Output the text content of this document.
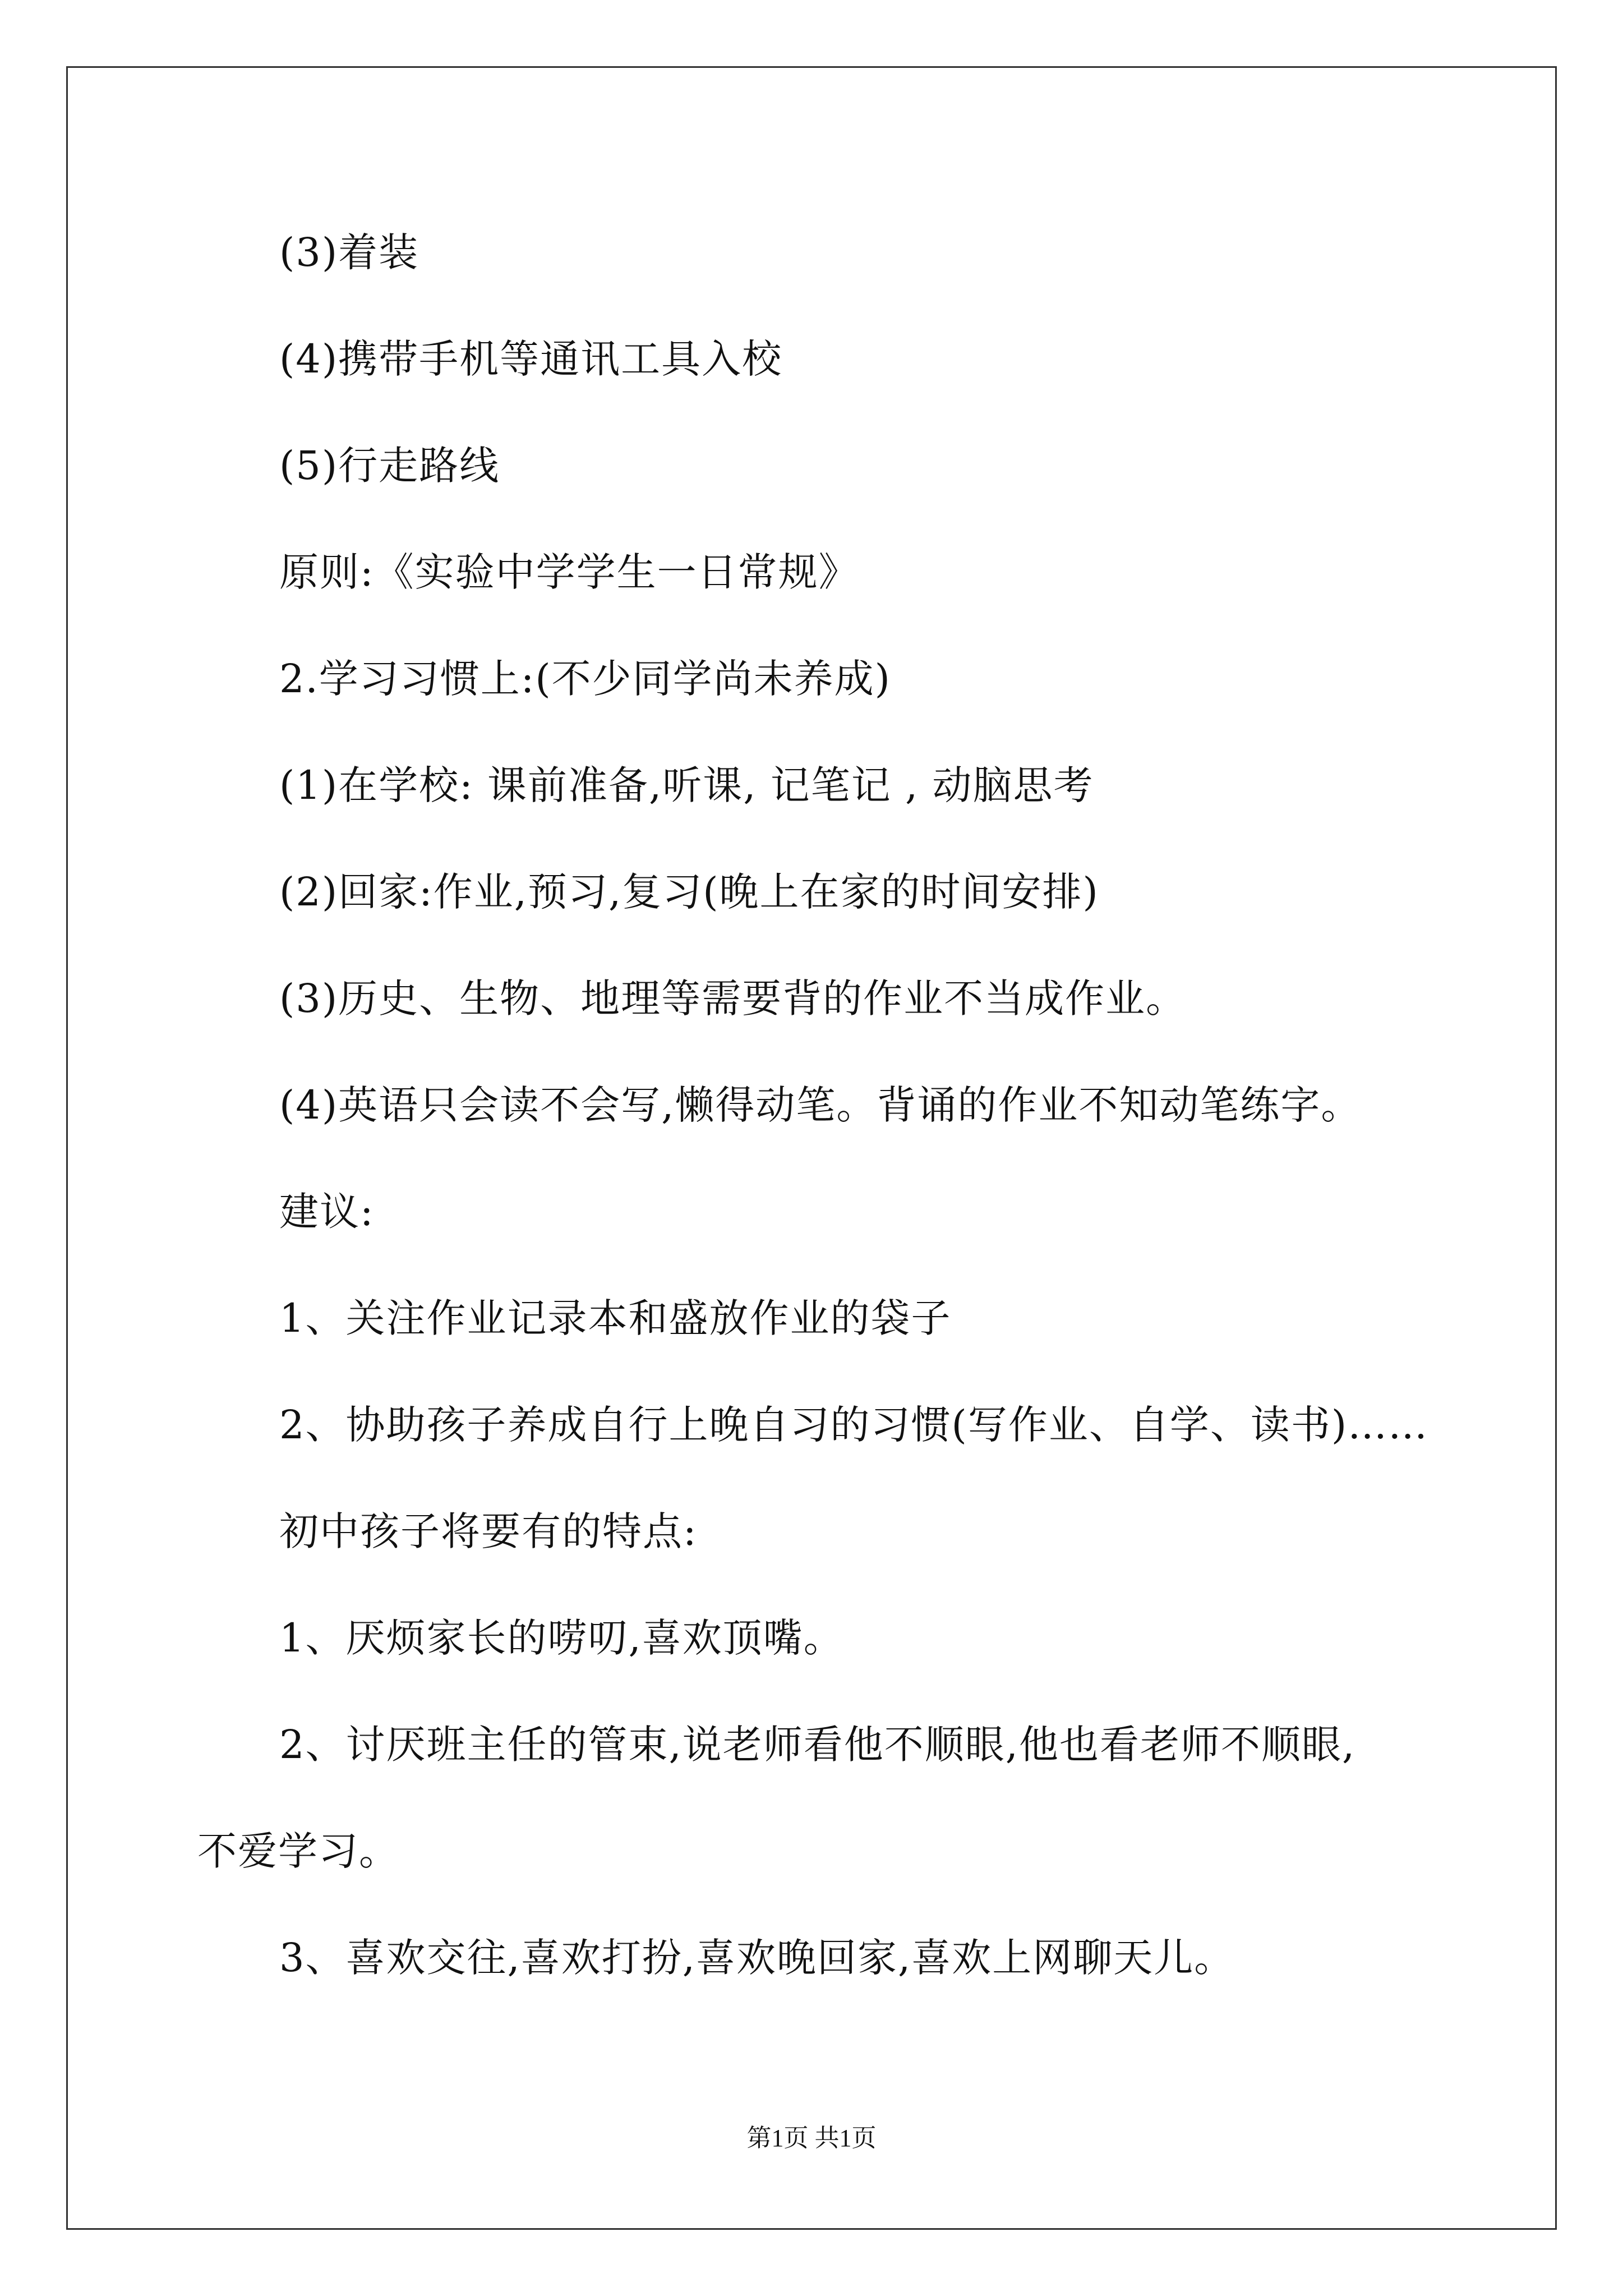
(3)着装
(4)携带手机等通讯工具入校
(5)行走路线
原则:《实验中学学生一日常规》
2.学习习惯上:(不少同学尚未养成)
(1)在学校: 课前准备,听课, 记笔记 , 动脑思考
(2)回家:作业,预习,复习(晚上在家的时间安排)
(3)历史、生物、地理等需要背的作业不当成作业。
(4)英语只会读不会写,懒得动笔。背诵的作业不知动笔练字。
建议:
1、关注作业记录本和盛放作业的袋子
2、协助孩子养成自行上晚自习的习惯(写作业、自学、读书)……
初中孩子将要有的特点:
1、厌烦家长的唠叨,喜欢顶嘴。
2、讨厌班主任的管束,说老师看他不顺眼,他也看老师不顺眼,
不爱学习。
3、喜欢交往,喜欢打扮,喜欢晚回家,喜欢上网聊天儿。
第1页 共1页
